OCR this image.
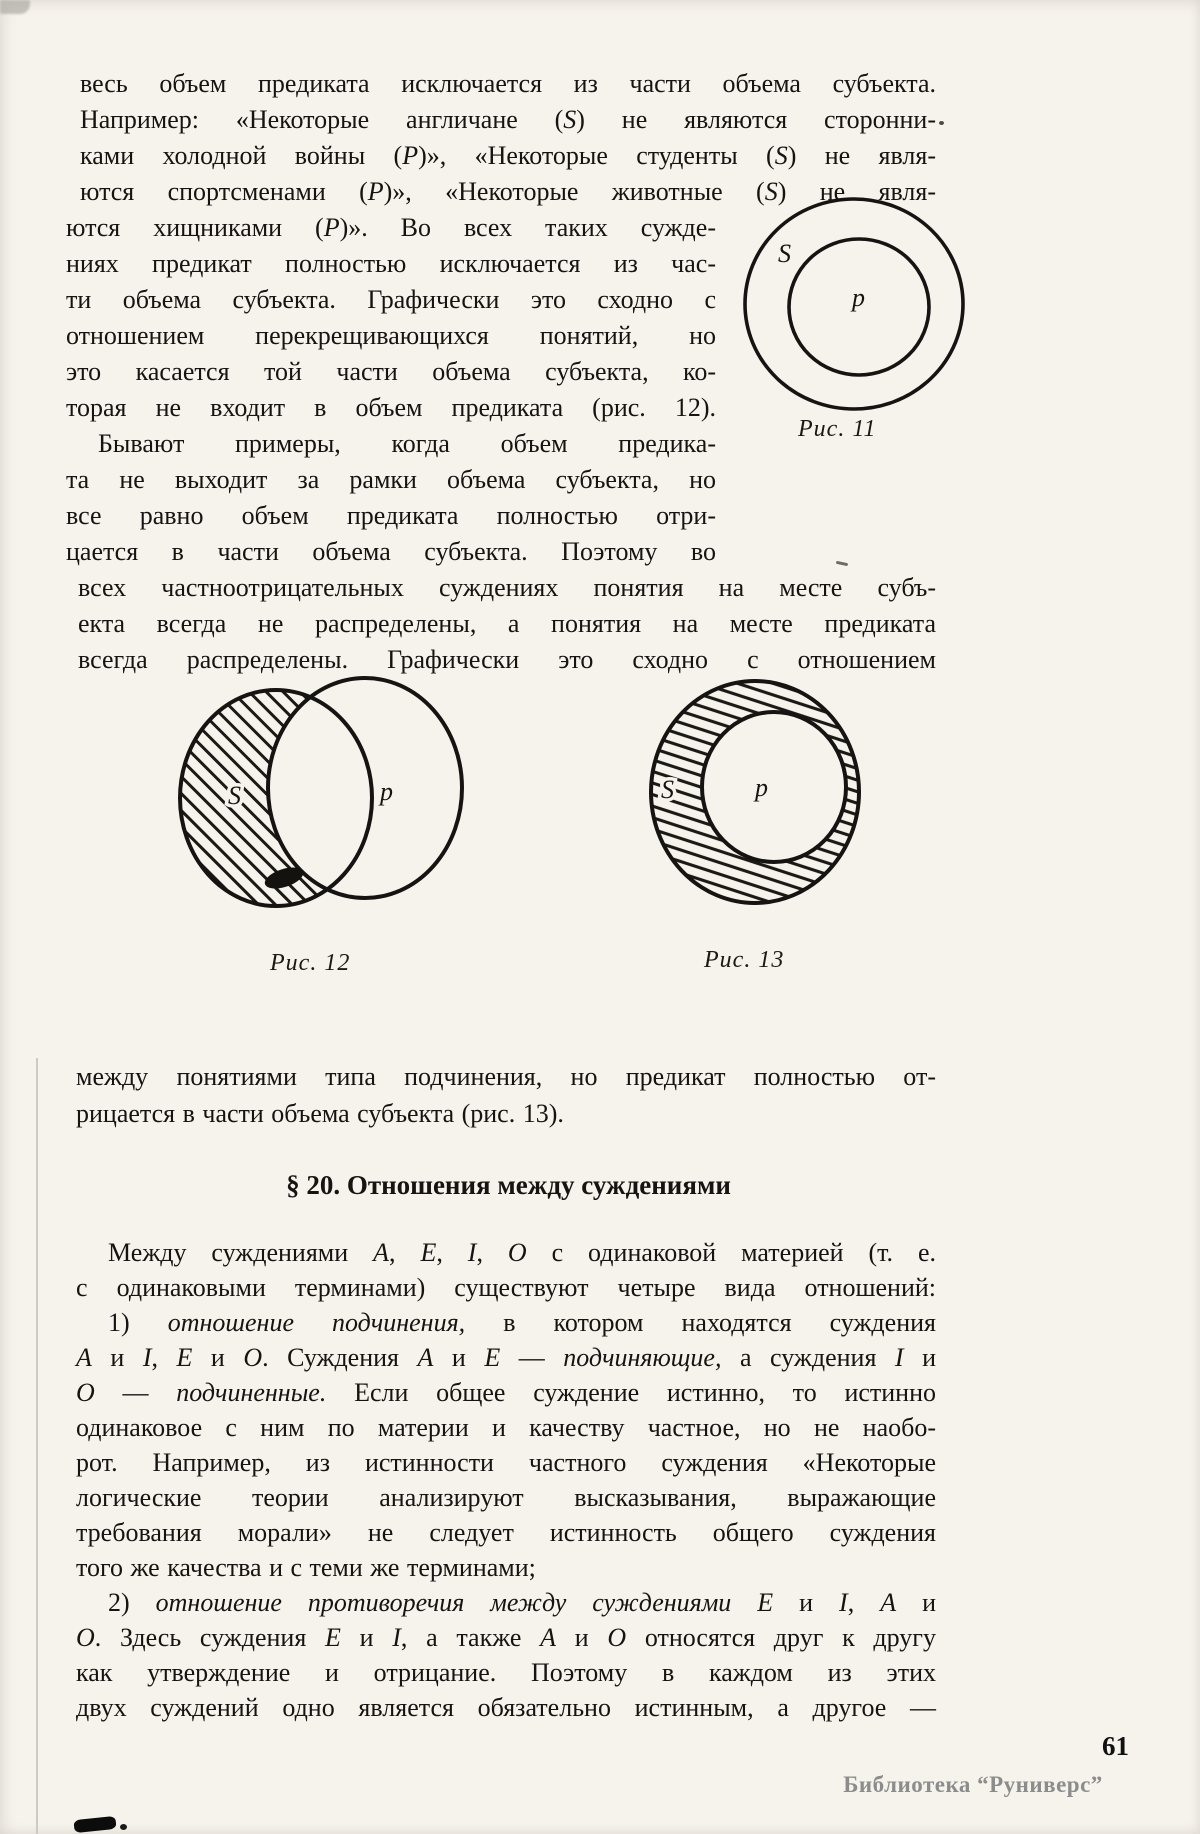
весь объем предиката исключается из части объема субъекта.
Например: «Некоторые англичане (S) не являются сторонни-
ками холодной войны (P)», «Некоторые студенты (S) не явля-
ются спортсменами (P)», «Некоторые животные (S) не явля-
ются хищниками (P)». Во всех таких сужде-
ниях предикат полностью исключается из час-
ти объема субъекта. Графически это сходно с
отношением перекрещивающихся понятий, но
это касается той части объема субъекта, ко-
торая не входит в объем предиката (рис. 12).
Бывают примеры, когда объем предика-
та не выходит за рамки объема субъекта, но
все равно объем предиката полностью отри-
цается в части объема субъекта. Поэтому во
S
p
Рис. 11
всех частноотрицательных суждениях понятия на месте субъ-
екта всегда не распределены, а понятия на месте предиката
всегда распределены. Графически это сходно с отношением
S	p
Рис. 12
S	p
Рис. 13
между понятиями типа подчинения, но предикат полностью от-
рицается в части объема субъекта (рис. 13).
§ 20. Отношения между суждениями
Между суждениями A, E, I, O с одинаковой материей (т. е.
с одинаковыми терминами) существуют четыре вида отношений:
1) отношение подчинения, в котором находятся суждения
A и I, E и O. Суждения A и E — подчиняющие, а суждения I и
O — подчиненные. Если общее суждение истинно, то истинно
одинаковое с ним по материи и качеству частное, но не наобо-
рот. Например, из истинности частного суждения «Некоторые
логические теории анализируют высказывания, выражающие
требования морали» не следует истинность общего суждения
того же качества и с теми же терминами;
2) отношение противоречия между суждениями E и I, A и
O. Здесь суждения E и I, а также A и O относятся друг к другу
как утверждение и отрицание. Поэтому в каждом из этих
двух суждений одно является обязательно истинным, а другое —
61
Библиотека “Руниверс”
